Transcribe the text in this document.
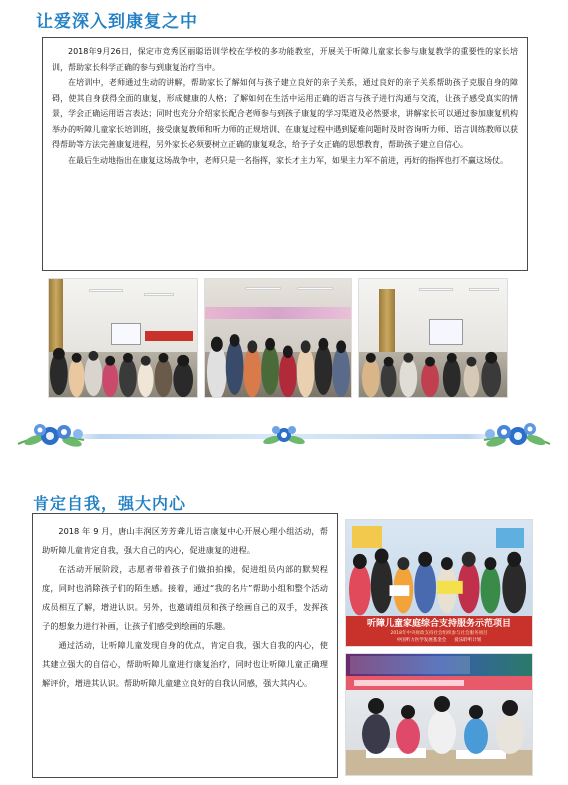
让爱深入到康复之中

2018年9月26日，保定市竞秀区丽聪语训学校在学校的多功能教室，开展关于听障儿童家长参与康复教学的重要性的家长培训，帮助家长科学正确的参与到康复治疗当中。

在培训中，老师通过生动的讲解，帮助家长了解如何与孩子建立良好的亲子关系，通过良好的亲子关系帮助孩子克服自身的障碍，使其自身获得全面的康复，形成健康的人格；了解如何在生活中运用正确的语言与孩子进行沟通与交流，让孩子感受真实的情景，学会正确运用语言表达；同时也充分介绍家长配合老师参与到孩子康复的学习渠道及必然要求，讲解家长可以通过参加康复机构举办的听障儿童家长培训班，接受康复教师和听力师的正规培训、在康复过程中遇到疑难问题时及时咨询听力师、语言训练教师以获得帮助等方法完善康复进程，另外家长必须要树立正确的康复观念，给予子女正确的思想教育，帮助孩子建立自信心。

在最后生动地指出在康复这场战争中，老师只是一名指挥，家长才主力军，如果主力军不前进，再好的指挥也打不赢这场仗。

肯定自我，强大内心

2018 年 9 月，唐山丰润区芳芳聋儿语言康复中心开展心理小组活动，帮助听障儿童肯定自我，强大自己的内心，促进康复的进程。

在活动开展阶段，志愿者带着孩子们做拍拍操，促进组员内部的默契程度，同时也消除孩子们的陌生感。接着，通过“我的名片”帮助小组和整个活动成员相互了解，增进认识。另外，也邀请组员和孩子绘画自己的双手，发挥孩子的想象力进行补画，让孩子们感受到绘画的乐趣。

通过活动，让听障儿童发现自身的优点，肯定自我，强大自我的内心，使其建立强大的自信心，帮助听障儿童进行康复治疗，同时也让听障儿童正确理解评价，增进其认识。帮助听障儿童建立良好的自我认同感，强大其内心。

听障儿童家庭综合支持服务示范项目
2018年中央财政支持社会组织参与社会服务项目
中国听力医学发展基金会 爱乐聆听计划
